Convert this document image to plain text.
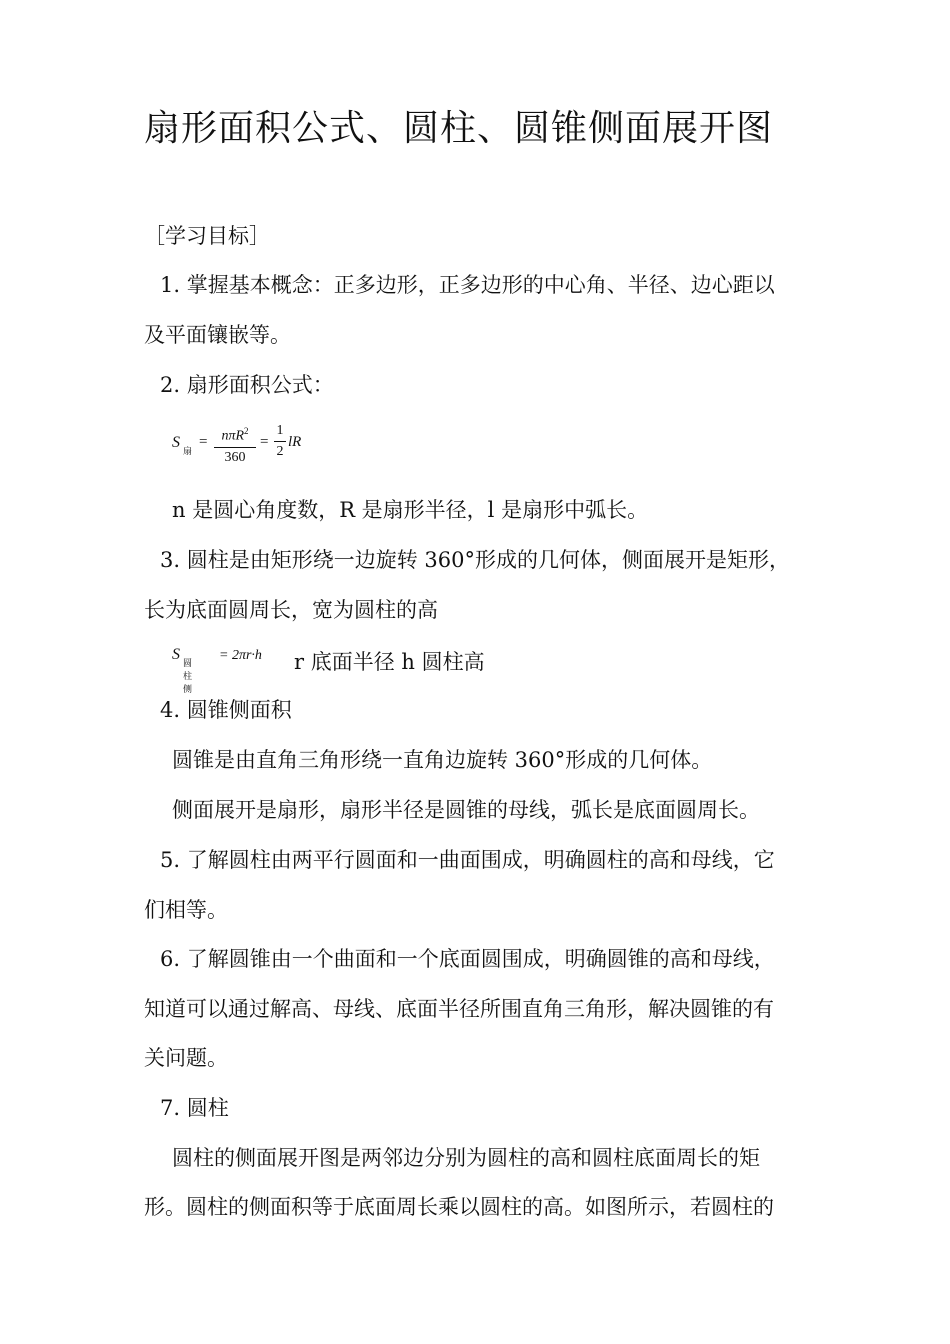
扇形面积公式、圆柱、圆锥侧面展开图
［学习目标］
1. 掌握基本概念：正多边形，正多边形的中心角、半径、边心距以
及平面镶嵌等。
2. 扇形面积公式：
S 扇
= nπR$^2$
360
=
1
2
lR
n 是圆心角度数，R 是扇形半径，l 是扇形中弧长。
3. 圆柱是由矩形绕一边旋转 360°形成的几何体，侧面展开是矩形，
长为底面圆周长，宽为圆柱的高
S 圆柱侧
= 2πr·h r 底面半径 h 圆柱高
4. 圆锥侧面积
圆锥是由直角三角形绕一直角边旋转 360°形成的几何体。
侧面展开是扇形，扇形半径是圆锥的母线，弧长是底面圆周长。
5. 了解圆柱由两平行圆面和一曲面围成，明确圆柱的高和母线，它
们相等。
6. 了解圆锥由一个曲面和一个底面圆围成，明确圆锥的高和母线，
知道可以通过解高、母线、底面半径所围直角三角形，解决圆锥的有
关问题。
7. 圆柱
圆柱的侧面展开图是两邻边分别为圆柱的高和圆柱底面周长的矩
形。圆柱的侧面积等于底面周长乘以圆柱的高。如图所示，若圆柱的
